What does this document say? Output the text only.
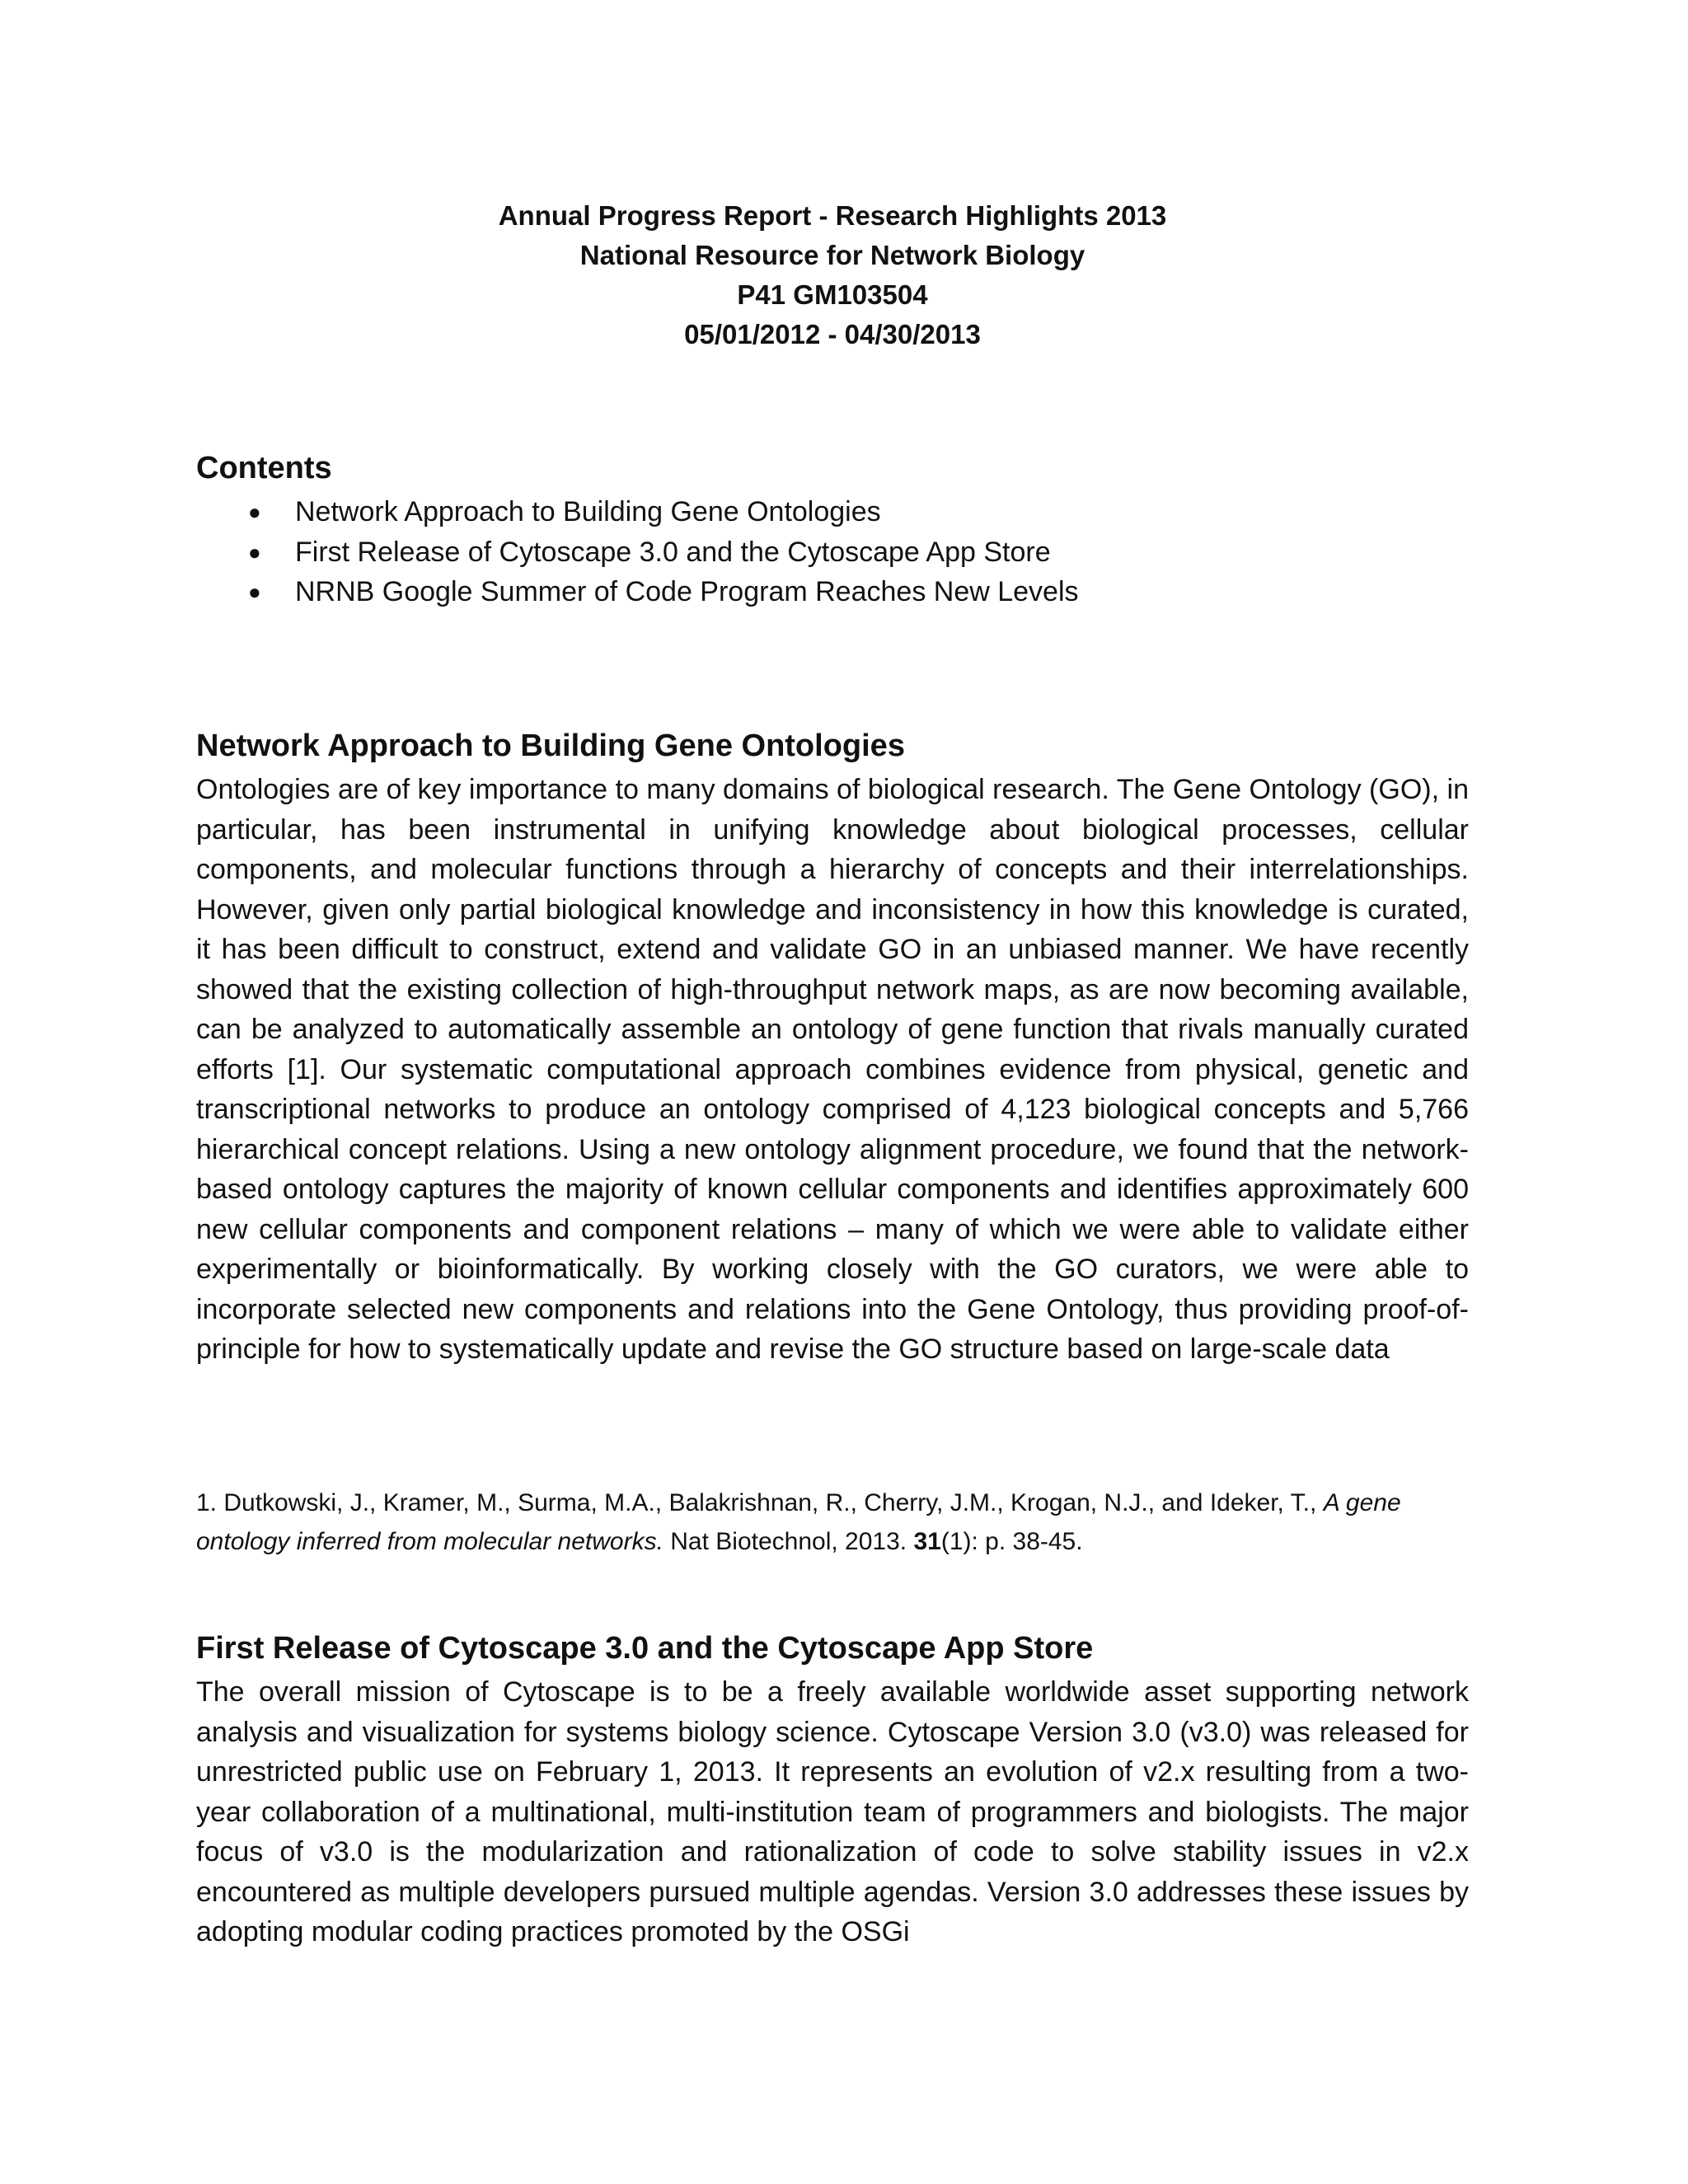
Annual Progress Report - Research Highlights 2013
National Resource for Network Biology
P41 GM103504
05/01/2012 - 04/30/2013
Contents
● Network Approach to Building Gene Ontologies
● First Release of Cytoscape 3.0 and the Cytoscape App Store
● NRNB Google Summer of Code Program Reaches New Levels
Network Approach to Building Gene Ontologies

Ontologies are of key importance to many domains of biological research. The Gene Ontology (GO), in particular, has been instrumental in unifying knowledge about biological processes, cellular components, and molecular functions through a hierarchy of concepts and their interrelationships. However, given only partial biological knowledge and inconsistency in how this knowledge is curated, it has been difficult to construct, extend and validate GO in an unbiased manner. We have recently showed that the existing collection of high-throughput network maps, as are now becoming available, can be analyzed to automatically assemble an ontology of gene function that rivals manually curated efforts [1]. Our systematic computational approach combines evidence from physical, genetic and transcriptional networks to produce an ontology comprised of 4,123 biological concepts and 5,766 hierarchical concept relations. Using a new ontology alignment procedure, we found that the network-based ontology captures the majority of known cellular components and identifies approximately 600 new cellular components and component relations – many of which we were able to validate either experimentally or bioinformatically. By working closely with the GO curators, we were able to incorporate selected new components and relations into the Gene Ontology, thus providing proof-of-principle for how to systematically update and revise the GO structure based on large-scale data

1. Dutkowski, J., Kramer, M., Surma, M.A., Balakrishnan, R., Cherry, J.M., Krogan, N.J., and Ideker, T., A gene ontology inferred from molecular networks. Nat Biotechnol, 2013. 31(1): p. 38-45.

First Release of Cytoscape 3.0 and the Cytoscape App Store

The overall mission of Cytoscape is to be a freely available worldwide asset supporting network analysis and visualization for systems biology science. Cytoscape Version 3.0 (v3.0) was released for unrestricted public use on February 1, 2013. It represents an evolution of v2.x resulting from a two-year collaboration of a multinational, multi-institution team of programmers and biologists. The major focus of v3.0 is the modularization and rationalization of code to solve stability issues in v2.x encountered as multiple developers pursued multiple agendas. Version 3.0 addresses these issues by adopting modular coding practices promoted by the OSGi
